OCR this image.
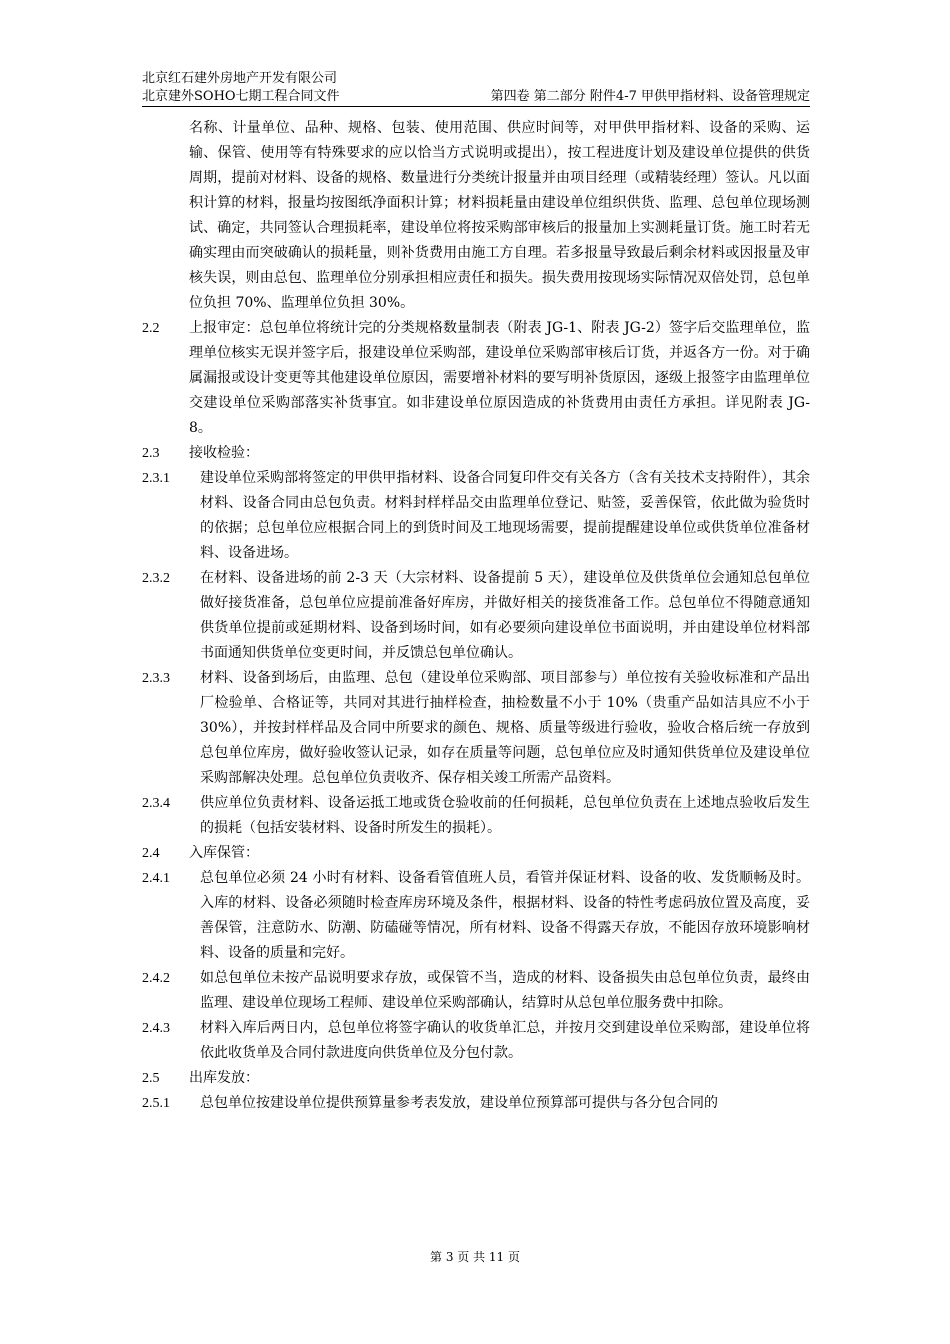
北京红石建外房地产开发有限公司
北京建外SOHO七期工程合同文件	第四卷 第二部分 附件4-7 甲供甲指材料、设备管理规定
名称、计量单位、品种、规格、包装、使用范围、供应时间等，对甲供甲指材料、设备的采购、运输、保管、使用等有特殊要求的应以恰当方式说明或提出），按工程进度计划及建设单位提供的供货周期，提前对材料、设备的规格、数量进行分类统计报量并由项目经理（或精装经理）签认。凡以面积计算的材料，报量均按图纸净面积计算；材料损耗量由建设单位组织供货、监理、总包单位现场测试、确定，共同签认合理损耗率，建设单位将按采购部审核后的报量加上实测耗量订货。施工时若无确实理由而突破确认的损耗量，则补货费用由施工方自理。若多报量导致最后剩余材料或因报量及审核失误，则由总包、监理单位分别承担相应责任和损失。损失费用按现场实际情况双倍处罚，总包单位负担 70%、监理单位负担 30%。
2.2	上报审定：总包单位将统计完的分类规格数量制表（附表 JG-1、附表 JG-2）签字后交监理单位，监理单位核实无误并签字后，报建设单位采购部，建设单位采购部审核后订货，并返各方一份。对于确属漏报或设计变更等其他建设单位原因，需要增补材料的要写明补货原因，逐级上报签字由监理单位交建设单位采购部落实补货事宜。如非建设单位原因造成的补货费用由责任方承担。详见附表 JG-8。
2.3	接收检验：
2.3.1	建设单位采购部将签定的甲供甲指材料、设备合同复印件交有关各方（含有关技术支持附件），其余材料、设备合同由总包负责。材料封样样品交由监理单位登记、贴签，妥善保管，依此做为验货时的依据；总包单位应根据合同上的到货时间及工地现场需要，提前提醒建设单位或供货单位准备材料、设备进场。
2.3.2	在材料、设备进场的前 2-3 天（大宗材料、设备提前 5 天），建设单位及供货单位会通知总包单位做好接货准备，总包单位应提前准备好库房，并做好相关的接货准备工作。总包单位不得随意通知供货单位提前或延期材料、设备到场时间，如有必要须向建设单位书面说明，并由建设单位材料部书面通知供货单位变更时间，并反馈总包单位确认。
2.3.3	材料、设备到场后，由监理、总包（建设单位采购部、项目部参与）单位按有关验收标准和产品出厂检验单、合格证等，共同对其进行抽样检查，抽检数量不小于 10%（贵重产品如洁具应不小于 30%），并按封样样品及合同中所要求的颜色、规格、质量等级进行验收，验收合格后统一存放到总包单位库房，做好验收签认记录，如存在质量等问题，总包单位应及时通知供货单位及建设单位采购部解决处理。总包单位负责收齐、保存相关竣工所需产品资料。
2.3.4	供应单位负责材料、设备运抵工地或货仓验收前的任何损耗，总包单位负责在上述地点验收后发生的损耗（包括安装材料、设备时所发生的损耗）。
2.4	入库保管：
2.4.1	总包单位必须 24 小时有材料、设备看管值班人员，看管并保证材料、设备的收、发货顺畅及时。入库的材料、设备必须随时检查库房环境及条件，根据材料、设备的特性考虑码放位置及高度，妥善保管，注意防水、防潮、防磕碰等情况，所有材料、设备不得露天存放，不能因存放环境影响材料、设备的质量和完好。
2.4.2	如总包单位未按产品说明要求存放，或保管不当，造成的材料、设备损失由总包单位负责，最终由监理、建设单位现场工程师、建设单位采购部确认，结算时从总包单位服务费中扣除。
2.4.3	材料入库后两日内，总包单位将签字确认的收货单汇总，并按月交到建设单位采购部，建设单位将依此收货单及合同付款进度向供货单位及分包付款。
2.5	出库发放：
2.5.1	总包单位按建设单位提供预算量参考表发放，建设单位预算部可提供与各分包合同的
第 3 页 共 11 页
